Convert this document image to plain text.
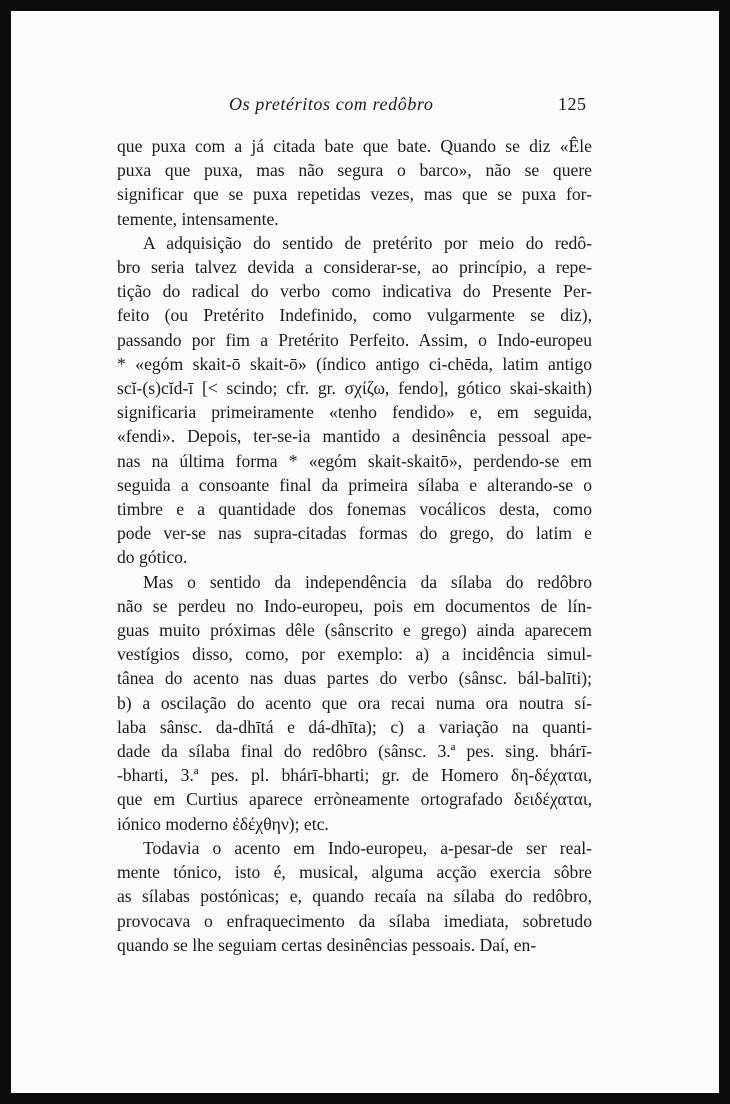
Os pretéritos com redôbro	125
que puxa com a já citada bate que bate. Quando se diz «Êle
puxa que puxa, mas não segura o barco», não se quere
significar que se puxa repetidas vezes, mas que se puxa for-
temente, intensamente.
A adquisição do sentido de pretérito por meio do redô-
bro seria talvez devida a considerar-se, ao princípio, a repe-
tição do radical do verbo como indicativa do Presente Per-
feito (ou Pretérito Indefinido, como vulgarmente se diz),
passando por fim a Pretérito Perfeito. Assim, o Indo-europeu
* «egóm skait-ō skait-ō» (índico antigo ci-chēda, latim antigo
scĭ-(s)cĭd-ī [< scindo; cfr. gr. σχίζω, fendo], gótico skai-skaith)
significaria primeiramente «tenho fendido» e, em seguida,
«fendi». Depois, ter-se-ia mantido a desinência pessoal ape-
nas na última forma * «egóm skait-skaitō», perdendo-se em
seguida a consoante final da primeira sílaba e alterando-se o
timbre e a quantidade dos fonemas vocálicos desta, como
pode ver-se nas supra-citadas formas do grego, do latim e
do gótico.
Mas o sentido da independência da sílaba do redôbro
não se perdeu no Indo-europeu, pois em documentos de lín-
guas muito próximas dêle (sânscrito e grego) ainda aparecem
vestígios disso, como, por exemplo: a) a incidência simul-
tânea do acento nas duas partes do verbo (sânsc. bál-balīti);
b) a oscilação do acento que ora recai numa ora noutra sí-
laba sânsc. da-dhītá e dá-dhīta); c) a variação na quanti-
dade da sílaba final do redôbro (sânsc. 3.ª pes. sing. bhárī-
-bharti, 3.ª pes. pl. bhárī-bharti; gr. de Homero δη-δέχαται,
que em Curtius aparece erròneamente ortografado δειδέχαται,
iónico moderno ἐδέχθην); etc.
Todavia o acento em Indo-europeu, a-pesar-de ser real-
mente tónico, isto é, musical, alguma acção exercia sôbre
as sílabas postónicas; e, quando recaía na sílaba do redôbro,
provocava o enfraquecimento da sílaba imediata, sobretudo
quando se lhe seguiam certas desinências pessoais. Daí, en-
